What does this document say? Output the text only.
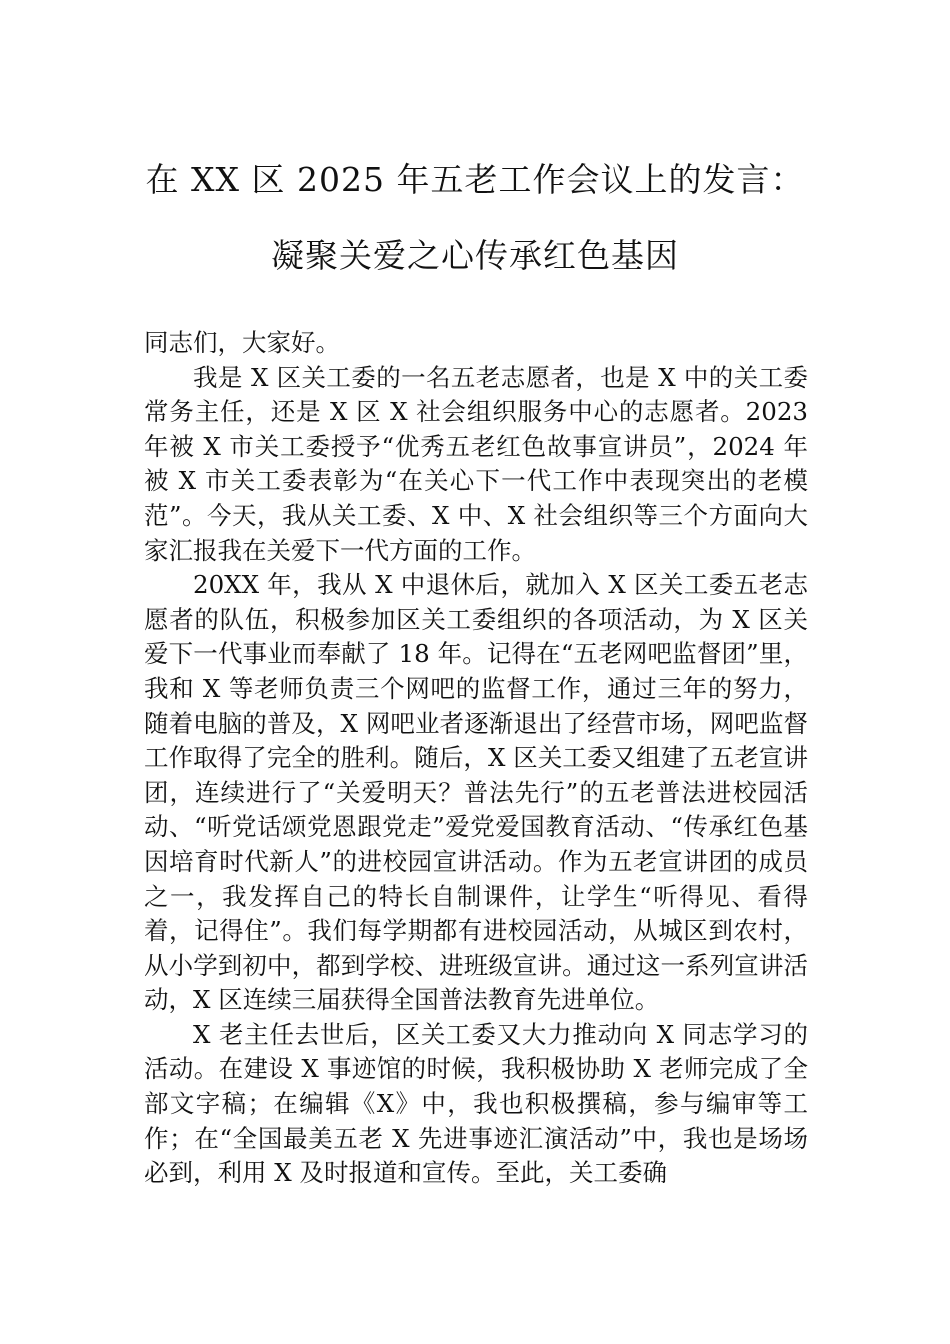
在 XX 区 2025 年五老工作会议上的发言：
凝聚关爱之心传承红色基因

同志们，大家好。

我是 X 区关工委的一名五老志愿者，也是 X 中的关工委常务主任，还是 X 区 X 社会组织服务中心的志愿者。2023 年被 X 市关工委授予“优秀五老红色故事宣讲员”，2024 年被 X 市关工委表彰为“在关心下一代工作中表现突出的老模范”。今天，我从关工委、X 中、X 社会组织等三个方面向大家汇报我在关爱下一代方面的工作。

20XX 年，我从 X 中退休后，就加入 X 区关工委五老志愿者的队伍，积极参加区关工委组织的各项活动，为 X 区关爱下一代事业而奉献了 18 年。记得在“五老网吧监督团”里，我和 X 等老师负责三个网吧的监督工作，通过三年的努力，随着电脑的普及，X 网吧业者逐渐退出了经营市场，网吧监督工作取得了完全的胜利。随后，X 区关工委又组建了五老宣讲团，连续进行了“关爱明天？普法先行”的五老普法进校园活动、“听党话颂党恩跟党走”爱党爱国教育活动、“传承红色基因培育时代新人”的进校园宣讲活动。作为五老宣讲团的成员之一，我发挥自己的特长自制课件，让学生“听得见、看得着，记得住”。我们每学期都有进校园活动，从城区到农村，从小学到初中，都到学校、进班级宣讲。通过这一系列宣讲活动，X 区连续三届获得全国普法教育先进单位。

X 老主任去世后，区关工委又大力推动向 X 同志学习的活动。在建设 X 事迹馆的时候，我积极协助 X 老师完成了全部文字稿；在编辑《X》中，我也积极撰稿，参与编审等工作；在“全国最美五老 X 先进事迹汇演活动”中，我也是场场必到，利用 X 及时报道和宣传。至此，关工委确
